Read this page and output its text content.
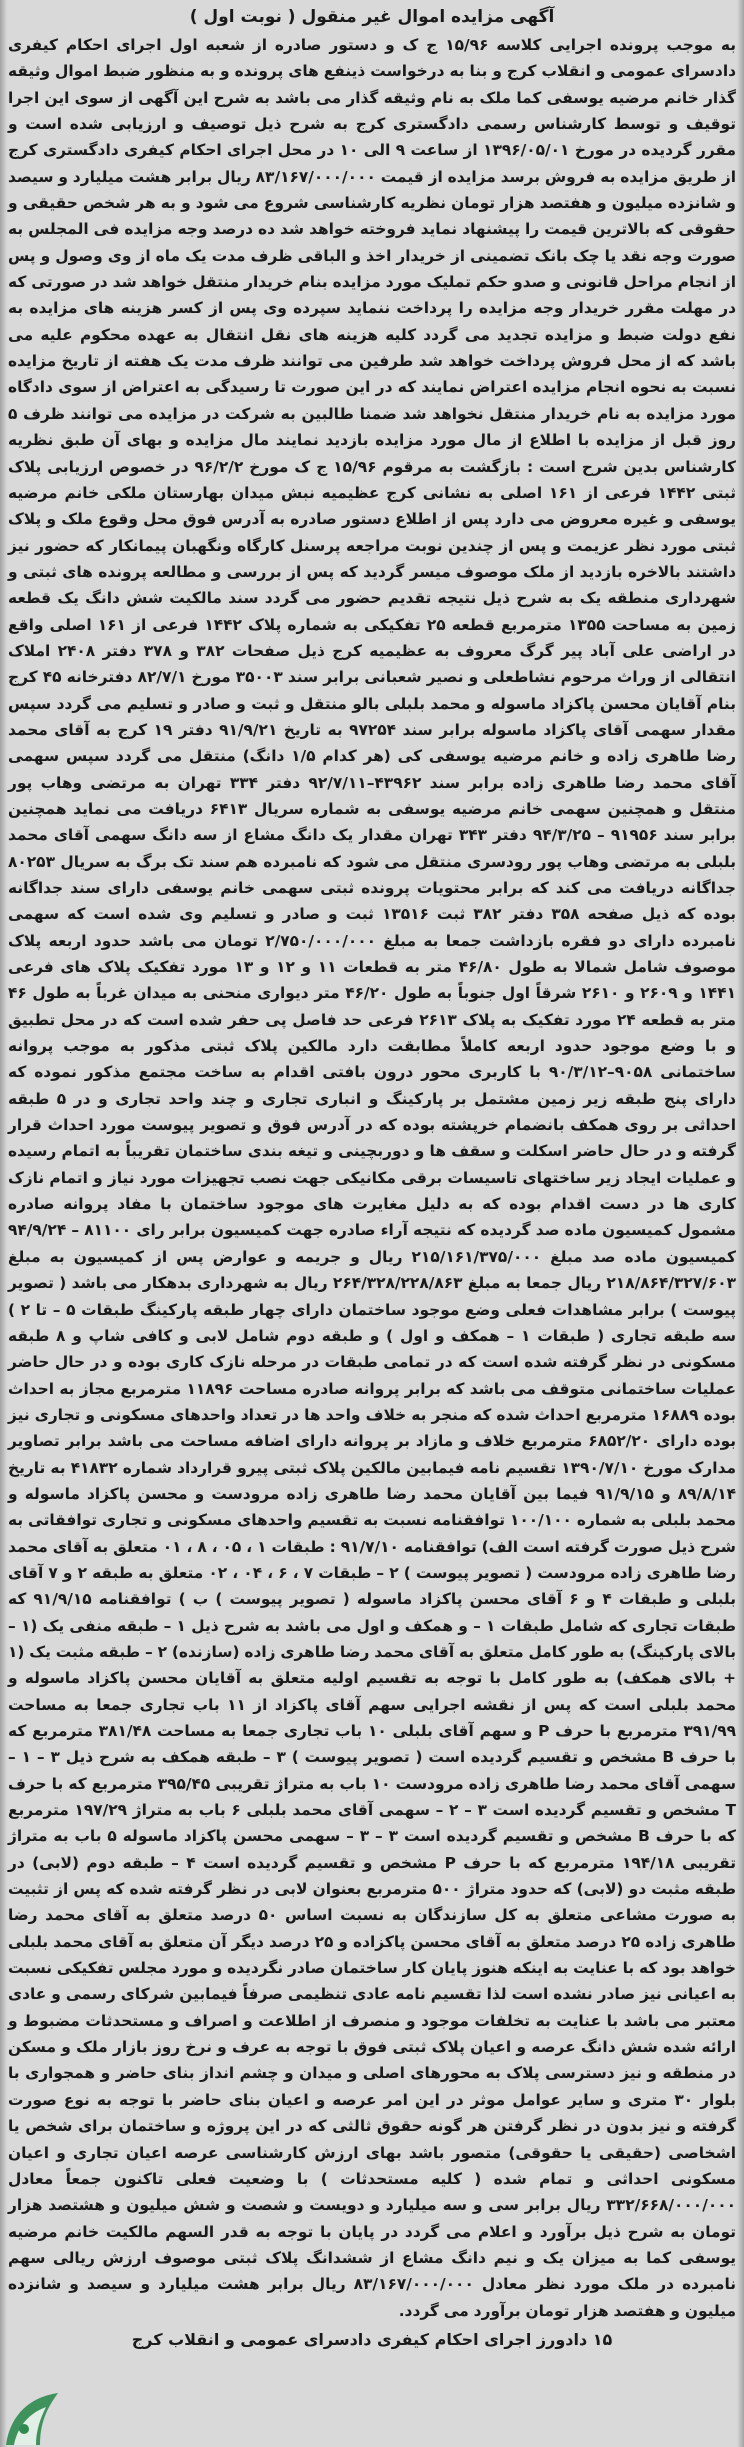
آگهی مزایده اموال غیر منقول ( نوبت اول )

به موجب پرونده اجرایی کلاسه ۱۵/۹۶ ج ک و دستور صادره از شعبه اول اجرای احکام کیفری دادسرای عمومی و انقلاب کرج و بنا به درخواست ذینفع های پرونده و به منظور ضبط اموال وثیقه گذار خانم مرضیه یوسفی کما ملک به نام وثیقه گذار می باشد به شرح این آگهی از سوی این اجرا توقیف و توسط کارشناس رسمی دادگستری کرج به شرح ذیل توصیف و ارزیابی شده است و مقرر گردیده در مورخ ۱۳۹۶/۰۵/۰۱ از ساعت ۹ الی ۱۰ در محل اجرای احکام کیفری دادگستری کرج از طریق مزایده به فروش برسد مزایده از قیمت ۸۳/۱۶۷/۰۰۰/۰۰۰ ریال برابر هشت میلیارد و سیصد و شانزده میلیون و هفتصد هزار تومان نظریه کارشناسی شروع می شود و به هر شخص حقیقی و حقوقی که بالاترین قیمت را پیشنهاد نماید فروخته خواهد شد ده درصد وجه مزایده فی المجلس به صورت وجه نقد یا چک بانک تضمینی از خریدار اخذ و الباقی ظرف مدت یک ماه از وی وصول و پس از انجام مراحل قانونی و صدو حکم تملیک مورد مزایده بنام خریدار منتقل خواهد شد در صورتی که در مهلت مقرر خریدار وجه مزایده را پرداخت ننماید سپرده وی پس از کسر هزینه های مزایده به نفع دولت ضبط و مزایده تجدید می گردد کلیه هزینه های نقل انتقال به عهده محکوم علیه می باشد که از محل فروش پرداخت خواهد شد طرفین می توانند ظرف مدت یک هفته از تاریخ مزایده نسبت به نحوه انجام مزایده اعتراض نمایند که در این صورت تا رسیدگی به اعتراض از سوی دادگاه مورد مزایده به نام خریدار منتقل نخواهد شد ضمنا طالبین به شرکت در مزایده می توانند ظرف ۵ روز قبل از مزایده با اطلاع از مال مورد مزایده بازدید نمایند مال مزایده و بهای آن طبق نظریه کارشناس بدین شرح است : بازگشت به مرقوم ۱۵/۹۶ ج ک مورخ ۹۶/۲/۲ در خصوص ارزیابی پلاک ثبتی ۱۴۴۲ فرعی از ۱۶۱ اصلی به نشانی کرج عظیمیه نبش میدان بهارستان ملکی خانم مرضیه یوسفی و غیره معروض می دارد پس از اطلاع دستور صادره به آدرس فوق محل وقوع ملک و پلاک ثبتی مورد نظر عزیمت و پس از چندین نوبت مراجعه پرسنل کارگاه ونگهبان پیمانکار که حضور نیز داشتند بالاخره بازدید از ملک موصوف میسر گردید که پس از بررسی و مطالعه پرونده های ثبتی و شهرداری منطقه یک به شرح ذیل نتیجه تقدیم حضور می گردد سند مالکیت شش دانگ یک قطعه زمین به مساحت ۱۳۵۵ مترمربع قطعه ۲۵ تفکیکی به شماره پلاک ۱۴۴۲ فرعی از ۱۶۱ اصلی واقع در اراضی علی آباد پیر گرگ معروف به عظیمیه کرج ذیل صفحات ۳۸۲ و ۳۷۸ دفتر ۲۴۰۸ املاک انتقالی از وراث مرحوم نشاطعلی و نصیر شعبانی برابر سند ۳۵۰۰۳ مورخ ۸۲/۷/۱ دفترخانه ۴۵ کرج بنام آقایان محسن پاکزاد ماسوله و محمد بلبلی بالو منتقل و ثبت و صادر و تسلیم می گردد سپس مقدار سهمی آقای پاکزاد ماسوله برابر سند ۹۷۲۵۴ به تاریخ ۹۱/۹/۲۱ دفتر ۱۹ کرج به آقای محمد رضا طاهری زاده و خانم مرضیه یوسفی کی (هر کدام ۱/۵ دانگ) منتقل می گردد سپس سهمی آقای محمد رضا طاهری زاده برابر سند ۴۳۹۶۲–۹۲/۷/۱۱ دفتر ۳۳۴ تهران به مرتضی وهاب پور منتقل و همچنین سهمی خانم مرضیه یوسفی به شماره سریال ۶۴۱۳ دریافت می نماید همچنین برابر سند ۹۱۹۵۶ – ۹۴/۳/۲۵ دفتر ۳۴۳ تهران مقدار یک دانگ مشاع از سه دانگ سهمی آقای محمد بلبلی به مرتضی وهاب پور رودسری منتقل می شود که نامبرده هم سند تک برگ به سریال ۸۰۲۵۳ جداگانه دریافت می کند که برابر محتویات پرونده ثبتی سهمی خانم یوسفی دارای سند جداگانه بوده که ذیل صفحه ۳۵۸ دفتر ۳۸۲ ثبت ۱۳۵۱۶ ثبت و صادر و تسلیم وی شده است که سهمی نامبرده دارای دو فقره بازداشت جمعا به مبلغ ۲/۷۵۰/۰۰۰/۰۰۰ تومان می باشد حدود اربعه پلاک موصوف شامل شمالا به طول ۴۶/۸۰ متر به قطعات ۱۱ و ۱۲ و ۱۳ مورد تفکیک پلاک های فرعی ۱۴۴۱ و ۲۶۰۹ و ۲۶۱۰ شرقاً اول جنوباً به طول ۴۶/۲۰ متر دیواری منحنی به میدان غرباً به طول ۴۶ متر به قطعه ۲۴ مورد تفکیک به پلاک ۲۶۱۳ فرعی حد فاصل پی حفر شده است که در محل تطبیق و با وضع موجود حدود اربعه کاملاً مطابقت دارد مالکین پلاک ثبتی مذکور به موجب پروانه ساختمانی ۹۰۵۸–۹۰/۳/۱۲ با کاربری محور درون بافتی اقدام به ساخت مجتمع مذکور نموده که دارای پنج طبقه زیر زمین مشتمل بر پارکینگ و انباری تجاری و چند واحد تجاری و در ۵ طبقه احداثی بر روی همکف بانضمام خرپشته بوده که در آدرس فوق و تصویر پیوست مورد احداث قرار گرفته و در حال حاضر اسکلت و سقف ها و دوربچینی و تیغه بندی ساختمان تقریباً به اتمام رسیده و عملیات ایجاد زیر ساختهای تاسیسات برقی مکانیکی جهت نصب تجهیزات مورد نیاز و اتمام نازک کاری ها در دست اقدام بوده که به دلیل مغایرت های موجود ساختمان با مفاد پروانه صادره مشمول کمیسیون ماده صد گردیده که نتیجه آراء صادره جهت کمیسیون برابر رای ۸۱۱۰۰ – ۹۴/۹/۲۴ کمیسیون ماده صد مبلغ ۲۱۵/۱۶۱/۳۷۵/۰۰۰ ریال و جریمه و عوارض پس از کمیسیون به مبلغ ۲۱۸/۸۶۴/۳۲۷/۶۰۳ ریال جمعا به مبلغ ۲۶۴/۳۲۸/۲۲۸/۸۶۳ ریال به شهرداری بدهکار می باشد ( تصویر پیوست ) برابر مشاهدات فعلی وضع موجود ساختمان دارای چهار طبقه پارکینگ طبقات ۵ – تا ۲ ) سه طبقه تجاری ( طبقات ۱ – همکف و اول ) و طبقه دوم شامل لابی و کافی شاپ و ۸ طبقه مسکونی در نظر گرفته شده است که در تمامی طبقات در مرحله نازک کاری بوده و در حال حاضر عملیات ساختمانی متوقف می باشد که برابر پروانه صادره مساحت ۱۱۸۹۶ مترمربع مجاز به احداث بوده ۱۶۸۸۹ مترمربع احداث شده که منجر به خلاف واحد ها در تعداد واحدهای مسکونی و تجاری نیز بوده دارای ۶۸۵۲/۲۰ مترمربع خلاف و مازاد بر پروانه دارای اضافه مساحت می باشد برابر تصاویر مدارک مورخ ۱۳۹۰/۷/۱۰ تقسیم نامه فیمابین مالکین پلاک ثبتی پیرو قرارداد شماره ۴۱۸۳۲ به تاریخ ۸۹/۸/۱۴ و ۹۱/۹/۱۵ فیما بین آقایان محمد رضا طاهری زاده مرودست و محسن پاکزاد ماسوله و محمد بلبلی به شماره ۱۰۰/۱۰۰ توافقنامه نسبت به تقسیم واحدهای مسکونی و تجاری توافقاتی به شرح ذیل صورت گرفته است الف) توافقنامه ۹۱/۷/۱۰ : طبقات ۱ ، ۰۵ ، ۸ ، ۰۱ متعلق به آقای محمد رضا طاهری زاده مرودست ( تصویر پیوست ) ۲ – طبقات ۷ ، ۶ ، ۰۴ ، ۰۲ متعلق به طبقه ۲ و ۷ آقای بلبلی و طبقات ۴ و ۶ آقای محسن پاکزاد ماسوله ( تصویر پیوست ) ب ) توافقنامه ۹۱/۹/۱۵ که طبقات تجاری که شامل طبقات ۱ – و همکف و اول می باشد به شرح ذیل ۱ – طبقه منفی یک (۱ – بالای پارکینگ) به طور کامل متعلق به آقای محمد رضا طاهری زاده (سازنده) ۲ – طبقه مثبت یک (۱ + بالای همکف) به طور کامل با توجه به تقسیم اولیه متعلق به آقایان محسن پاکزاد ماسوله و محمد بلبلی است که پس از نقشه اجرایی سهم آقای پاکزاد از ۱۱ باب تجاری جمعا به مساحت ۳۹۱/۹۹ مترمربع با حرف P و سهم آقای بلبلی ۱۰ باب تجاری جمعا به مساحت ۳۸۱/۴۸ مترمربع که با حرف B مشخص و تقسیم گردیده است ( تصویر پیوست ) ۳ – طبقه همکف به شرح ذیل ۳ – ۱ – سهمی آقای محمد رضا طاهری زاده مرودست ۱۰ باب به متراژ تقریبی ۳۹۵/۴۵ مترمربع که با حرف T مشخص و تقسیم گردیده است ۳ – ۲ – سهمی آقای محمد بلبلی ۶ باب به متراژ ۱۹۷/۲۹ مترمربع که با حرف B مشخص و تقسیم گردیده است ۳ – ۳ – سهمی محسن پاکزاد ماسوله ۵ باب به متراژ تقریبی ۱۹۴/۱۸ مترمربع که با حرف P مشخص و تقسیم گردیده است ۴ – طبقه دوم (لابی) در طبقه مثبت دو (لابی) که حدود متراژ ۵۰۰ مترمربع بعنوان لابی در نظر گرفته شده که پس از تثبیت به صورت مشاعی متعلق به کل سازندگان به نسبت اساس ۵۰ درصد متعلق به آقای محمد رضا طاهری زاده ۲۵ درصد متعلق به آقای محسن پاکزاده و ۲۵ درصد دیگر آن متعلق به آقای محمد بلبلی خواهد بود که با عنایت به اینکه هنوز پایان کار ساختمان صادر نگردیده و مورد مجلس تفکیکی نسبت به اعیانی نیز صادر نشده است لذا تقسیم نامه عادی تنظیمی صرفاً فیمابین شرکای رسمی و عادی معتبر می باشد با عنایت به تخلفات موجود و منصرف از اطلاعت و اصراف و مستحدثات مضبوط و ارائه شده شش دانگ عرصه و اعیان پلاک ثبتی فوق با توجه به عرف و نرخ روز بازار ملک و مسکن در منطقه و نیز دسترسی پلاک به محورهای اصلی و میدان و چشم انداز بنای حاضر و همجواری با بلوار ۳۰ متری و سایر عوامل موثر در این امر عرصه و اعیان بنای حاضر با توجه به نوع صورت گرفته و نیز بدون در نظر گرفتن هر گونه حقوق ثالثی که در این پروژه و ساختمان برای شخص یا اشخاصی (حقیقی یا حقوقی) متصور باشد بهای ارزش کارشناسی عرصه اعیان تجاری و اعیان مسکونی احداثی و تمام شده ( کلیه مستحدثات ) با وضعیت فعلی تاکنون جمعاً معادل ۳۳۲/۶۶۸/۰۰۰/۰۰۰ ریال برابر سی و سه میلیارد و دویست و شصت و شش میلیون و هشتصد هزار تومان به شرح ذیل برآورد و اعلام می گردد در پایان با توجه به قدر السهم مالکیت خانم مرضیه یوسفی کما به میزان یک و نیم دانگ مشاع از ششدانگ پلاک ثبتی موصوف ارزش ریالی سهم نامبرده در ملک مورد نظر معادل ۸۳/۱۶۷/۰۰۰/۰۰۰ ریال برابر هشت میلیارد و سیصد و شانزده میلیون و هفتصد هزار تومان برآورد می گردد.

۱۵ دادورز اجرای احکام کیفری دادسرای عمومی و انقلاب کرج
